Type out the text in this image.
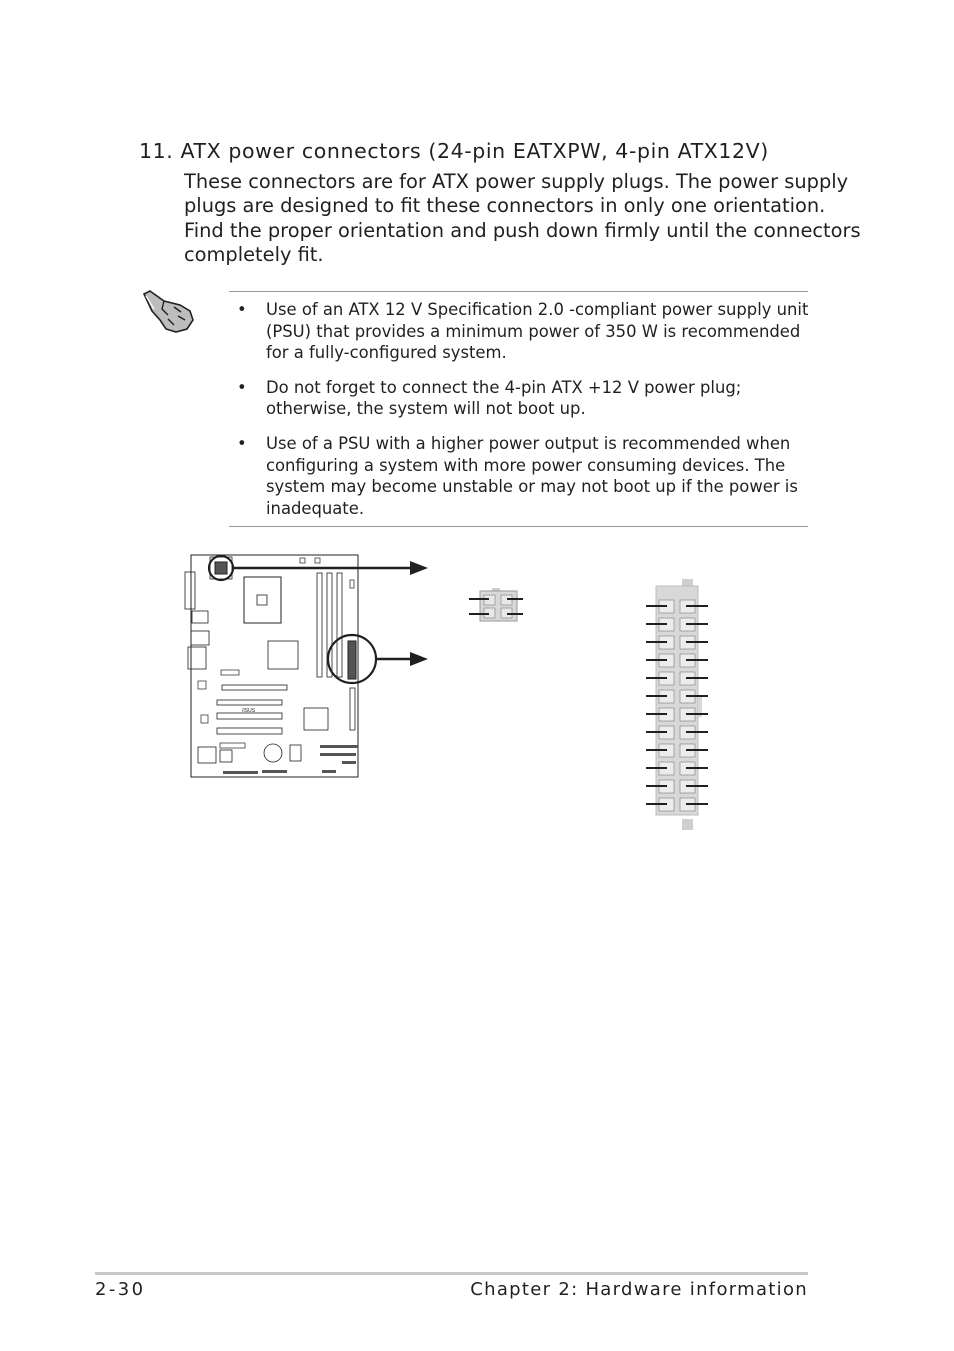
11. ATX power connectors (24-pin EATXPW, 4-pin ATX12V)

These connectors are for ATX power supply plugs. The power supply
plugs are designed to fit these connectors in only one orientation.
Find the proper orientation and push down firmly until the connectors
completely fit.

• Use of an ATX 12 V Specification 2.0 -compliant power supply unit
(PSU) that provides a minimum power of 350 W is recommended
for a fully-configured system.
• Do not forget to connect the 4-pin ATX +12 V power plug;
otherwise, the system will not boot up.
• Use of a PSU with a higher power output is recommended when
configuring a system with more power consuming devices. The
system may become unstable or may not boot up if the power is
inadequate.
/ISUS
2-30	Chapter 2: Hardware information
